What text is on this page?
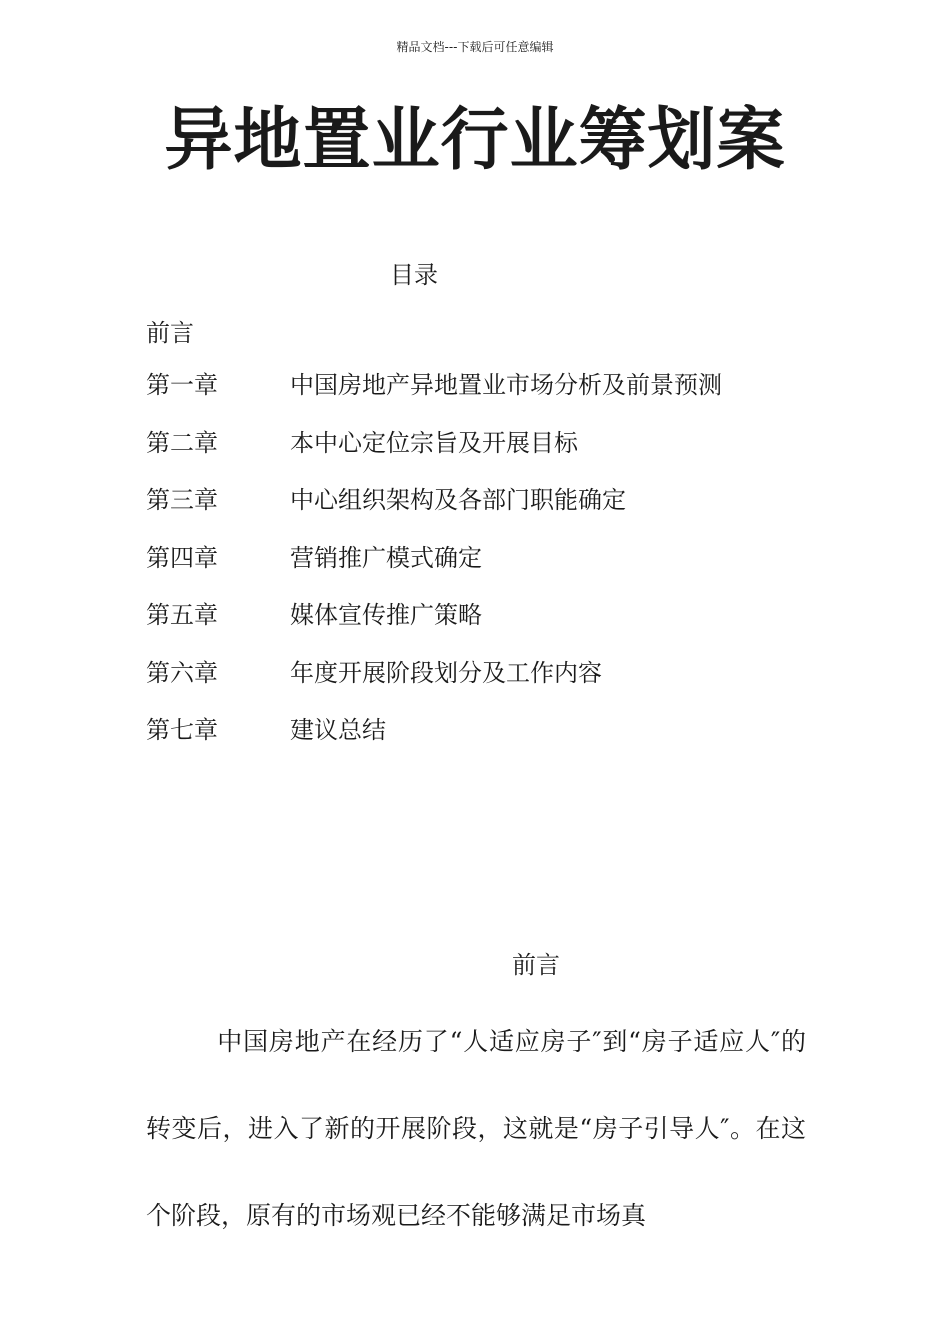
精品文档---下载后可任意编辑
异地置业行业筹划案
目录
前言
第一章	中国房地产异地置业市场分析及前景预测
第二章	本中心定位宗旨及开展目标
第三章	中心组织架构及各部门职能确定
第四章	营销推广模式确定
第五章	媒体宣传推广策略
第六章	年度开展阶段划分及工作内容
第七章	建议总结
前言

中国房地产在经历了“人适应房子″到“房子适应人″的转变后，进入了新的开展阶段，这就是“房子引导人″。在这个阶段，原有的市场观已经不能够满足市场真
